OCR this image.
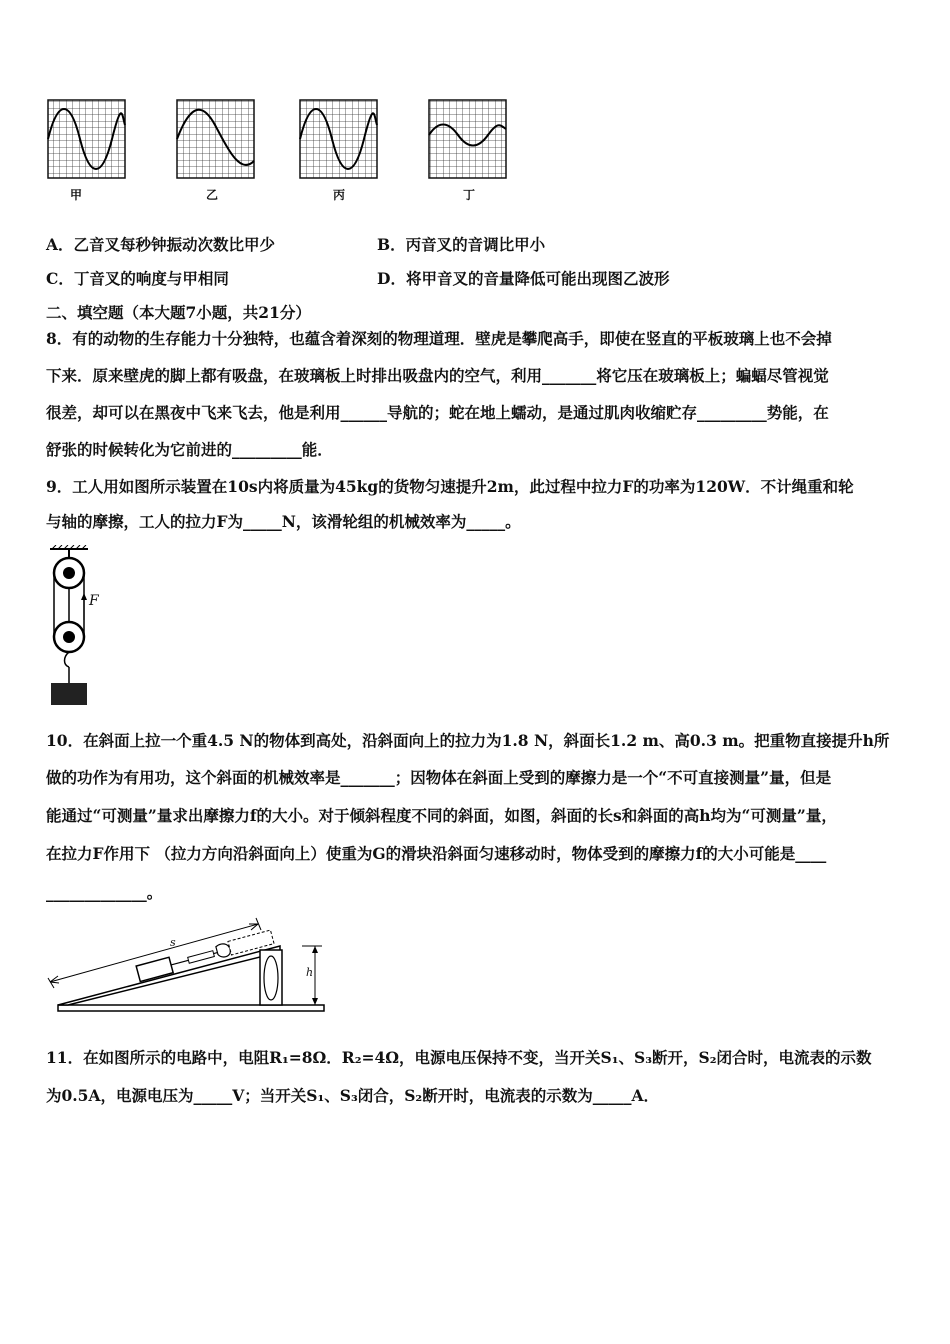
甲	乙	丙	丁
A．乙音叉每秒钟振动次数比甲少	B．丙音叉的音调比甲小
C．丁音叉的响度与甲相同	D．将甲音叉的音量降低可能出现图乙波形
二、填空题（本大题7小题，共21分）
8．有的动物的生存能力十分独特，也蕴含着深刻的物理道理．壁虎是攀爬高手，即使在竖直的平板玻璃上也不会掉
下来．原来壁虎的脚上都有吸盘，在玻璃板上时排出吸盘内的空气，利用_______将它压在玻璃板上；蝙蝠尽管视觉
很差，却可以在黑夜中飞来飞去，他是利用______导航的；蛇在地上蠕动，是通过肌肉收缩贮存_________势能，在
舒张的时候转化为它前进的_________能．
9．工人用如图所示装置在10s内将质量为45kg的货物匀速提升2m，此过程中拉力F的功率为120W．不计绳重和轮
与轴的摩擦，工人的拉力F为_____N，该滑轮组的机械效率为_____。
F
10．在斜面上拉一个重4.5 N的物体到高处，沿斜面向上的拉力为1.8 N，斜面长1.2 m、高0.3 m。把重物直接提升h所
做的功作为有用功，这个斜面的机械效率是_______；因物体在斜面上受到的摩擦力是一个“不可直接测量”量，但是
能通过“可测量”量求出摩擦力f的大小。对于倾斜程度不同的斜面，如图，斜面的长s和斜面的高h均为“可测量”量，
在拉力F作用下 （拉力方向沿斜面向上）使重为G的滑块沿斜面匀速移动时，物体受到的摩擦力f的大小可能是____
_____________。
s
h
11．在如图所示的电路中，电阻R₁=8Ω．R₂=4Ω，电源电压保持不变，当开关S₁、S₃断开，S₂闭合时，电流表的示数
为0.5A，电源电压为_____V；当开关S₁、S₃闭合，S₂断开时，电流表的示数为_____A．
